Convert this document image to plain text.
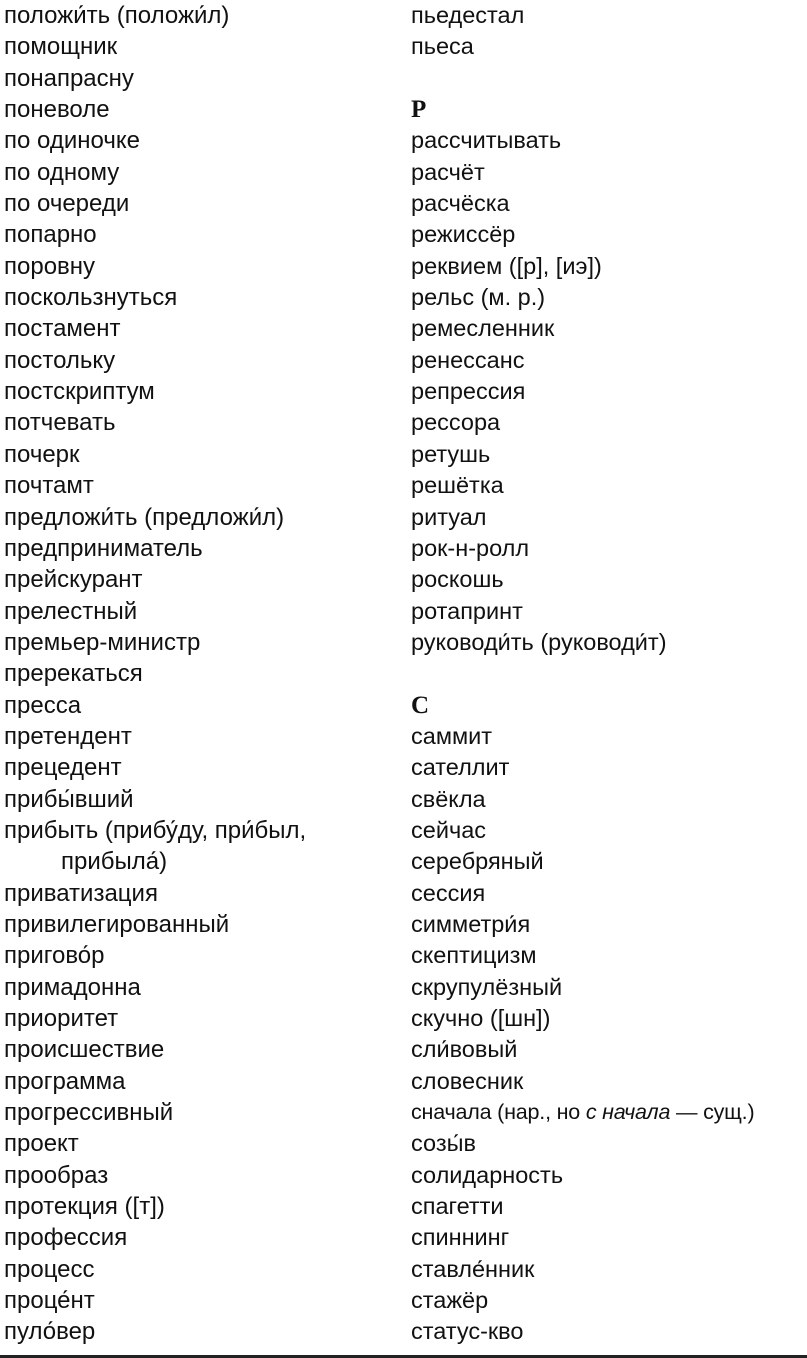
положи́ть (положи́л)
помощник
понапрасну
поневоле
по одиночке
по одному
по очереди
попарно
поровну
поскользнуться
постамент
постольку
постскриптум
потчевать
почерк
почтамт
предложи́ть (предложи́л)
предприниматель
прейскурант
прелестный
премьер-министр
пререкаться
пресса
претендент
прецедент
прибы́вший
прибыть (прибу́ду, при́был,
прибыла́)
приватизация
привилегированный
пригово́р
примадонна
приоритет
происшествие
программа
прогрессивный
проект
прообраз
протекция ([т])
профессия
процесс
проце́нт
пуло́вер
пьедестал
пьеса
Р
рассчитывать
расчёт
расчёска
режиссёр
реквием ([р], [иэ])
рельс (м. р.)
ремесленник
ренессанс
репрессия
рессора
ретушь
решётка
ритуал
рок-н-ролл
роскошь
ротапринт
руководи́ть (руководи́т)
С
саммит
сателлит
свёкла
сейчас
серебряный
сессия
симметри́я
скептицизм
скрупулёзный
скучно ([шн])
сли́вовый
словесник
сначала (нар., но с начала — сущ.)
созы́в
солидарность
спагетти
спиннинг
ставле́нник
стажёр
статус-кво
